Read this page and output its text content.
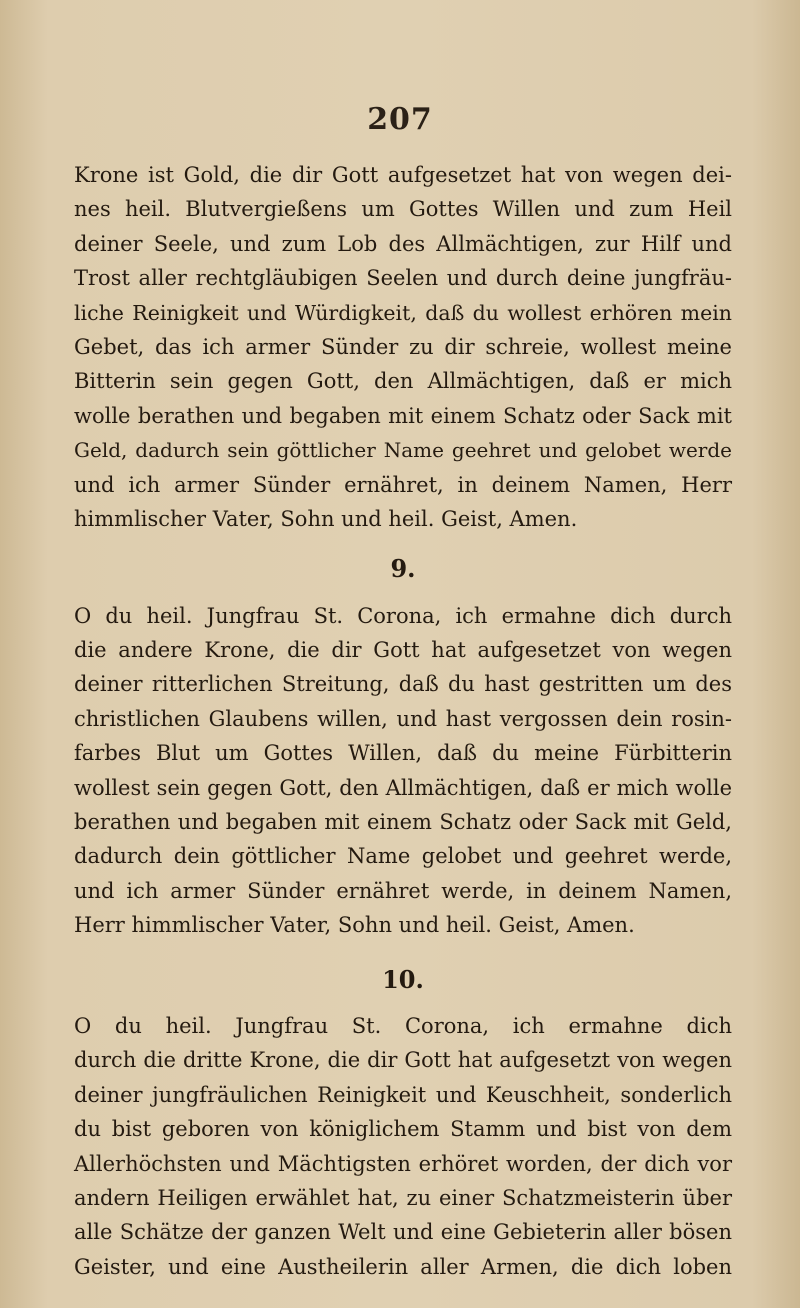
207
Krone ist Gold, die dir Gott aufgesetzet hat von wegen dei-
nes heil. Blutvergießens um Gottes Willen und zum Heil
deiner Seele, und zum Lob des Allmächtigen, zur Hilf und
Trost aller rechtgläubigen Seelen und durch deine jungfräu-
liche Reinigkeit und Würdigkeit, daß du wollest erhören mein
Gebet, das ich armer Sünder zu dir schreie, wollest meine
Bitterin sein gegen Gott, den Allmächtigen, daß er mich
wolle berathen und begaben mit einem Schatz oder Sack mit
Geld, dadurch sein göttlicher Name geehret und gelobet werde
und ich armer Sünder ernähret, in deinem Namen, Herr
himmlischer Vater, Sohn und heil. Geist, Amen.
9.
O du heil. Jungfrau St. Corona, ich ermahne dich durch
die andere Krone, die dir Gott hat aufgesetzet von wegen
deiner ritterlichen Streitung, daß du hast gestritten um des
christlichen Glaubens willen, und hast vergossen dein rosin-
farbes Blut um Gottes Willen, daß du meine Fürbitterin
wollest sein gegen Gott, den Allmächtigen, daß er mich wolle
berathen und begaben mit einem Schatz oder Sack mit Geld,
dadurch dein göttlicher Name gelobet und geehret werde,
und ich armer Sünder ernähret werde, in deinem Namen,
Herr himmlischer Vater, Sohn und heil. Geist, Amen.
10.
O du heil. Jungfrau St. Corona, ich ermahne dich
durch die dritte Krone, die dir Gott hat aufgesetzt von wegen
deiner jungfräulichen Reinigkeit und Keuschheit, sonderlich
du bist geboren von königlichem Stamm und bist von dem
Allerhöchsten und Mächtigsten erhöret worden, der dich vor
andern Heiligen erwählet hat, zu einer Schatzmeisterin über
alle Schätze der ganzen Welt und eine Gebieterin aller bösen
Geister, und eine Austheilerin aller Armen, die dich loben
